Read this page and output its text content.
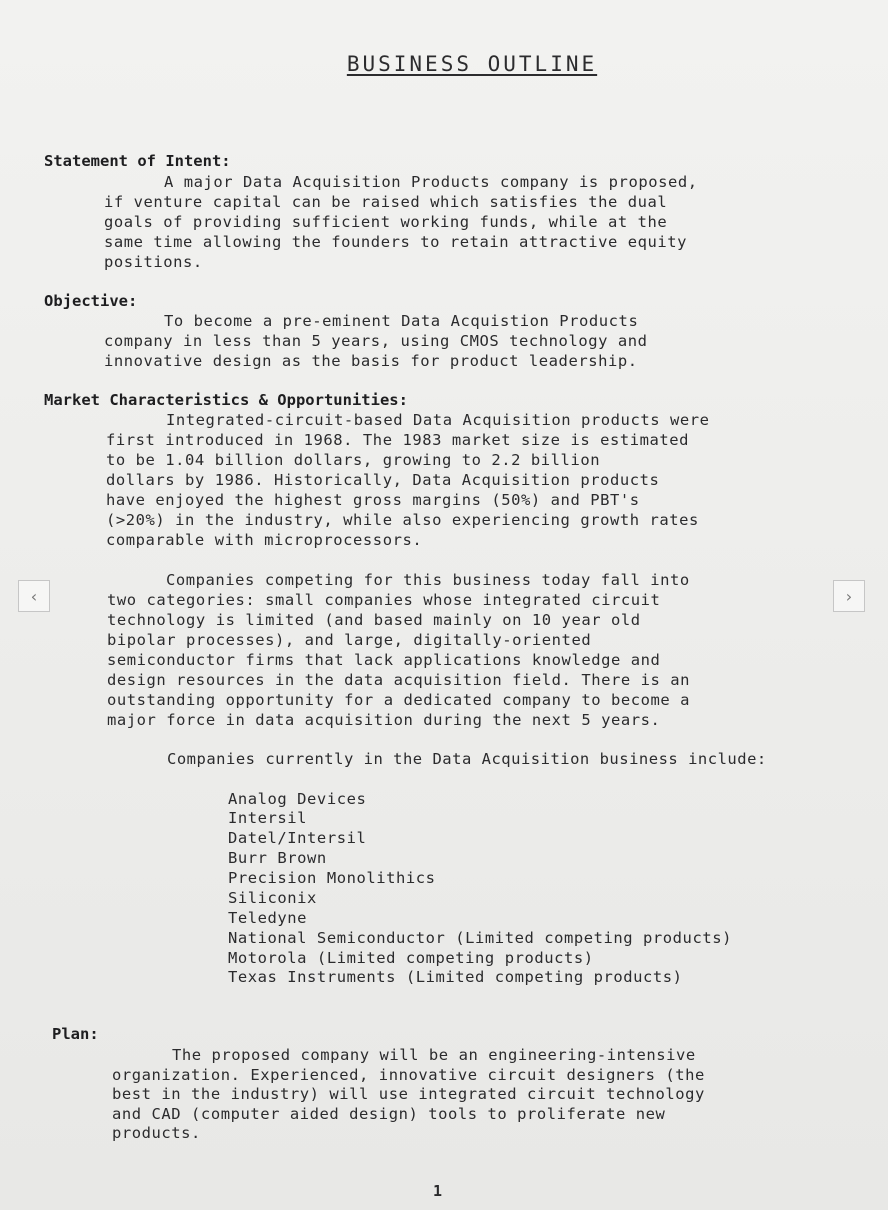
BUSINESS OUTLINE
Statement of Intent:
A major Data Acquisition Products company is proposed,
if venture capital can be raised which satisfies the dual
goals of providing sufficient working funds, while at the
same time allowing the founders to retain attractive equity
positions.
Objective:
To become a pre-eminent Data Acquistion Products
company in less than 5 years, using CMOS technology and
innovative design as the basis for product leadership.
Market Characteristics & Opportunities:
Integrated-circuit-based Data Acquisition products were
first introduced in 1968. The 1983 market size is estimated
to be 1.04 billion dollars, growing to 2.2 billion
dollars by 1986. Historically, Data Acquisition products
have enjoyed the highest gross margins (50%) and PBT's
(>20%) in the industry, while also experiencing growth rates
comparable with microprocessors.
Companies competing for this business today fall into
two categories: small companies whose integrated circuit
technology is limited (and based mainly on 10 year old
bipolar processes), and large, digitally-oriented
semiconductor firms that lack applications knowledge and
design resources in the data acquisition field. There is an
outstanding opportunity for a dedicated company to become a
major force in data acquisition during the next 5 years.
Companies currently in the Data Acquisition business include:
Analog Devices
Intersil
Datel/Intersil
Burr Brown
Precision Monolithics
Siliconix
Teledyne
National Semiconductor (Limited competing products)
Motorola (Limited competing products)
Texas Instruments (Limited competing products)
Plan:
The proposed company will be an engineering-intensive
organization. Experienced, innovative circuit designers (the
best in the industry) will use integrated circuit technology
and CAD (computer aided design) tools to proliferate new
products.
1
‹	›
